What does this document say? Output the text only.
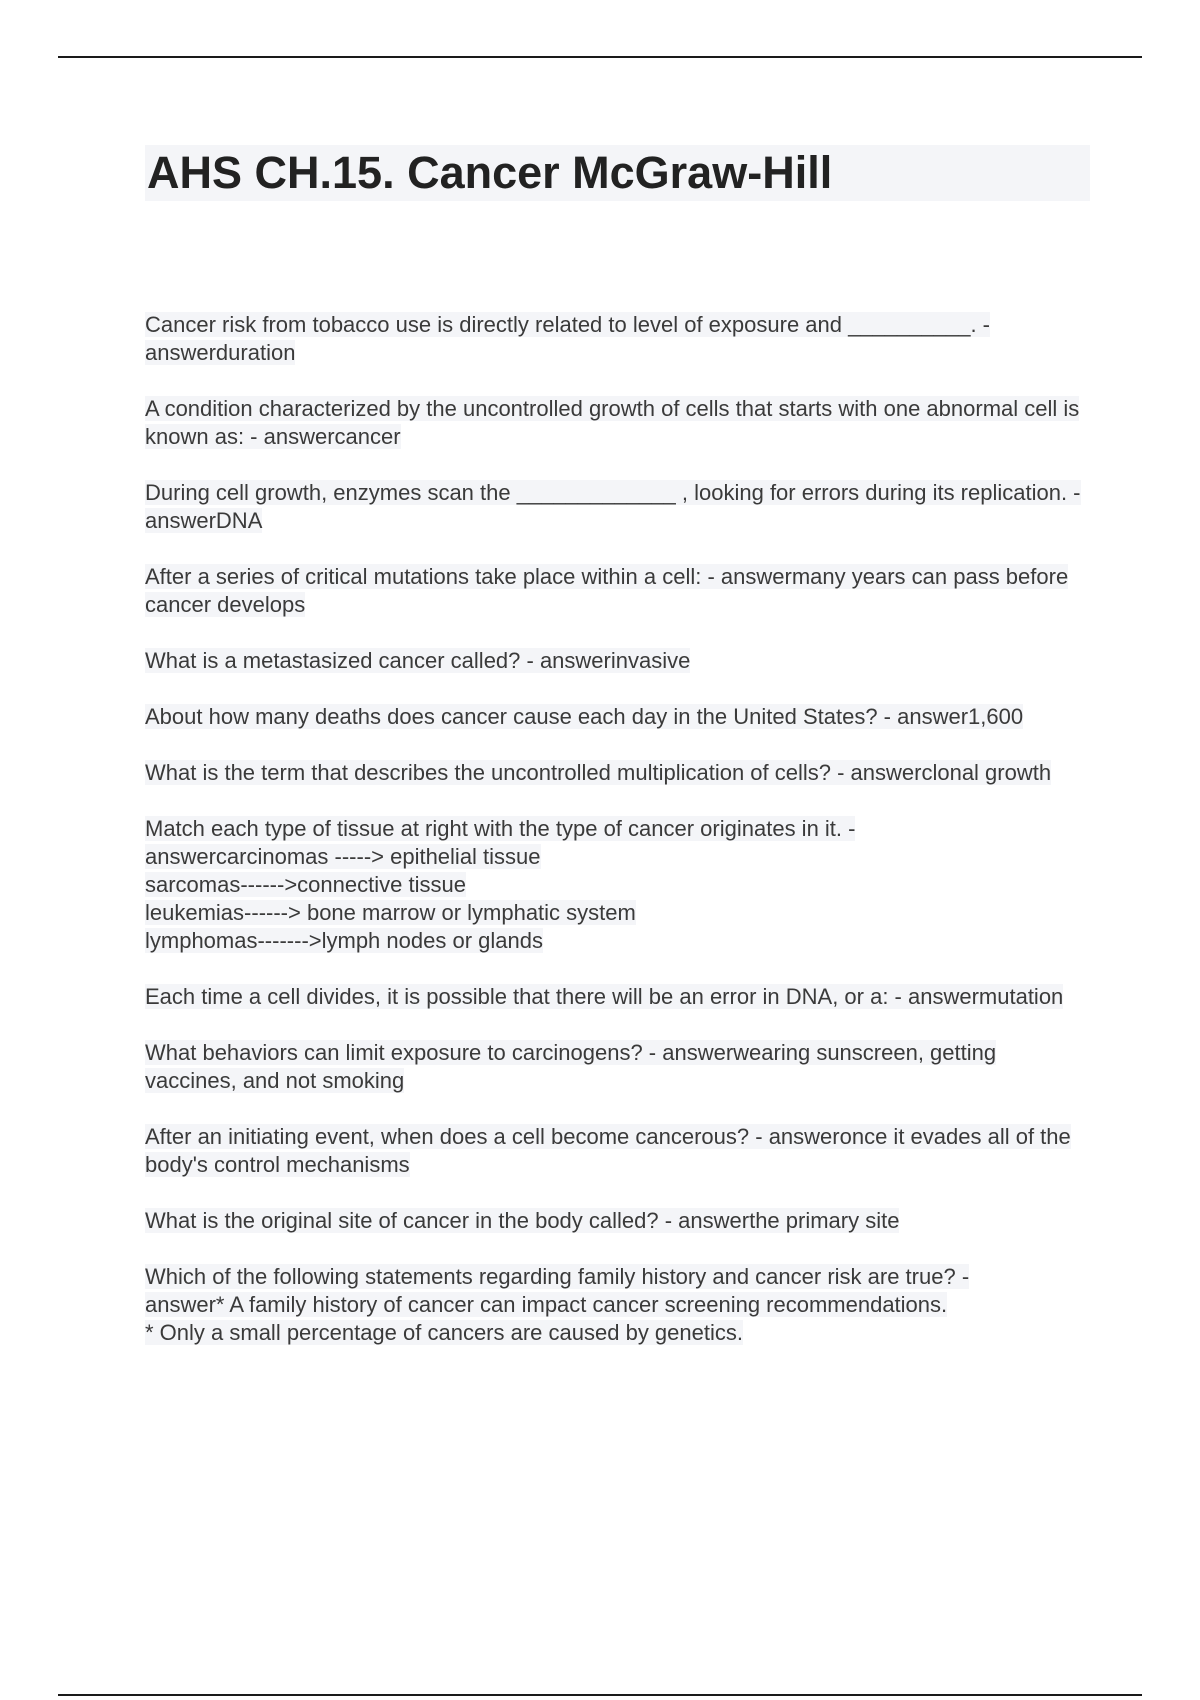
AHS CH.15. Cancer McGraw-Hill

Cancer risk from tobacco use is directly related to level of exposure and __________. - answerduration

A condition characterized by the uncontrolled growth of cells that starts with one abnormal cell is known as: - answercancer

During cell growth, enzymes scan the _____________ , looking for errors during its replication. - answerDNA

After a series of critical mutations take place within a cell: - answermany years can pass before cancer develops

What is a metastasized cancer called? - answerinvasive

About how many deaths does cancer cause each day in the United States? - answer1,600

What is the term that describes the uncontrolled multiplication of cells? - answerclonal growth

Match each type of tissue at right with the type of cancer originates in it. -
answercarcinomas -----> epithelial tissue
sarcomas------>connective tissue
leukemias------> bone marrow or lymphatic system
lymphomas------->lymph nodes or glands

Each time a cell divides, it is possible that there will be an error in DNA, or a: - answermutation

What behaviors can limit exposure to carcinogens? - answerwearing sunscreen, getting vaccines, and not smoking

After an initiating event, when does a cell become cancerous? - answeronce it evades all of the body's control mechanisms

What is the original site of cancer in the body called? - answerthe primary site

Which of the following statements regarding family history and cancer risk are true? -
answer* A family history of cancer can impact cancer screening recommendations.
* Only a small percentage of cancers are caused by genetics.
